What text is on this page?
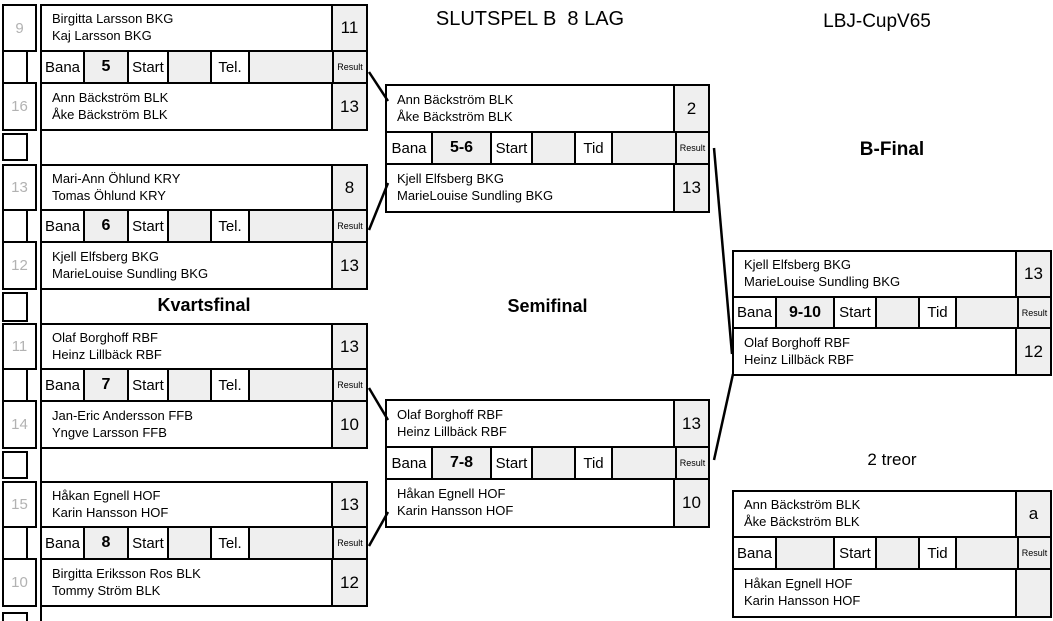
SLUTSPEL B  8 LAG	LBJ-CupV65
Kvartsfinal	Semifinal
B-Final
2 treor
9
Birgitta Larsson BKG
Kaj Larsson BKG	11
Bana	5	Start	Tel.	Result
16
Ann Bäckström BLK
Åke Bäckström BLK	13
13
Mari-Ann Öhlund KRY
Tomas Öhlund KRY	8
Bana	6	Start	Tel.	Result
12
Kjell Elfsberg BKG
MarieLouise Sundling BKG	13
11
Olaf Borghoff RBF
Heinz Lillbäck RBF	13
Bana	7	Start	Tel.	Result
14
Jan-Eric Andersson FFB
Yngve Larsson FFB	10
15
Håkan Egnell HOF
Karin Hansson HOF	13
Bana	8	Start	Tel.	Result
10
Birgitta Eriksson Ros BLK
Tommy Ström BLK	12
Ann Bäckström BLK
Åke Bäckström BLK	2
Bana	5-6	Start	Tid	Result
Kjell Elfsberg BKG
MarieLouise Sundling BKG	13
Olaf Borghoff RBF
Heinz Lillbäck RBF	13
Bana	7-8	Start	Tid	Result
Håkan Egnell HOF
Karin Hansson HOF	10
Kjell Elfsberg BKG
MarieLouise Sundling BKG	13
Bana	9-10	Start	Tid	Result
Olaf Borghoff RBF
Heinz Lillbäck RBF	12
Ann Bäckström BLK
Åke Bäckström BLK	a
Bana	Start	Tid	Result
Håkan Egnell HOF
Karin Hansson HOF
